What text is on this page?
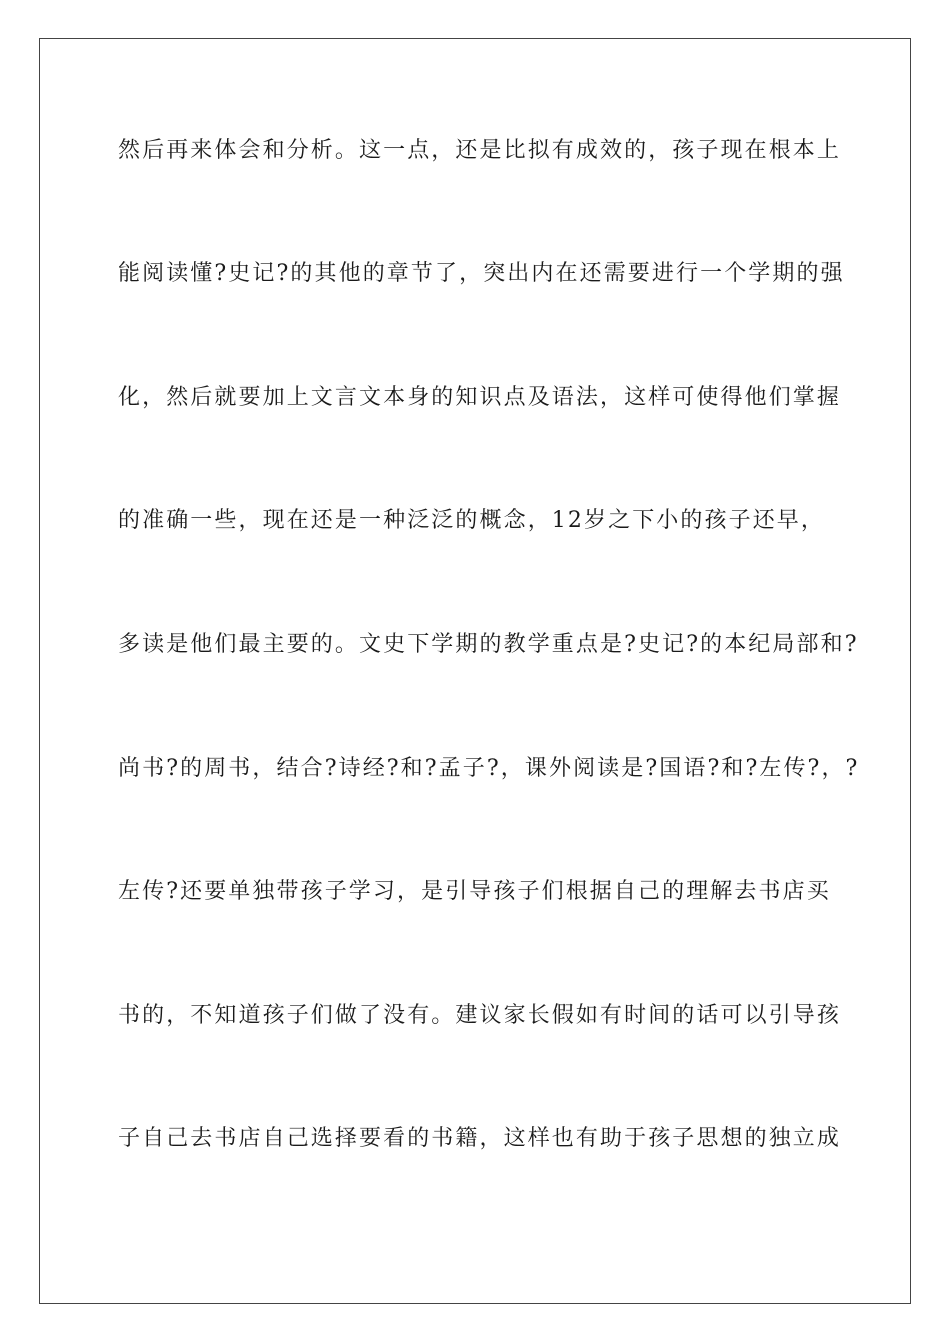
然后再来体会和分析。这一点，还是比拟有成效的，孩子现在根本上

能阅读懂?史记?的其他的章节了，突出内在还需要进行一个学期的强

化，然后就要加上文言文本身的知识点及语法，这样可使得他们掌握

的准确一些，现在还是一种泛泛的概念，12岁之下小的孩子还早，

多读是他们最主要的。文史下学期的教学重点是?史记?的本纪局部和?

尚书?的周书，结合?诗经?和?孟子?，课外阅读是?国语?和?左传?，?

左传?还要单独带孩子学习，是引导孩子们根据自己的理解去书店买

书的，不知道孩子们做了没有。建议家长假如有时间的话可以引导孩

子自己去书店自己选择要看的书籍，这样也有助于孩子思想的独立成
